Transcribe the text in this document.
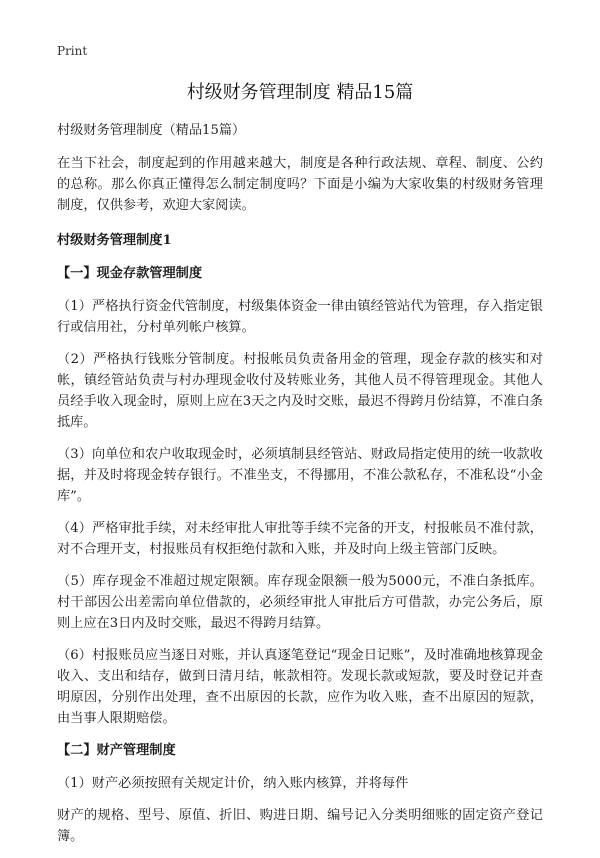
Print
村级财务管理制度 精品15篇

村级财务管理制度（精品15篇）

在当下社会，制度起到的作用越来越大，制度是各种行政法规、章程、制度、公约的总称。那么你真正懂得怎么制定制度吗？下面是小编为大家收集的村级财务管理制度，仅供参考，欢迎大家阅读。

村级财务管理制度1
【一】现金存款管理制度

（1）严格执行资金代管制度，村级集体资金一律由镇经管站代为管理，存入指定银行或信用社，分村单列帐户核算。

（2）严格执行钱账分管制度。村报帐员负责备用金的管理，现金存款的核实和对帐，镇经管站负责与村办理现金收付及转账业务，其他人员不得管理现金。其他人员经手收入现金时，原则上应在3天之内及时交账，最迟不得跨月份结算，不准白条抵库。

（3）向单位和农户收取现金时，必须填制县经管站、财政局指定使用的统一收款收据，并及时将现金转存银行。不准坐支，不得挪用，不准公款私存，不准私设“小金库”。

（4）严格审批手续，对未经审批人审批等手续不完备的开支，村报帐员不准付款，对不合理开支，村报账员有权拒绝付款和入账，并及时向上级主管部门反映。

（5）库存现金不准超过规定限额。库存现金限额一般为5000元，不准白条抵库。村干部因公出差需向单位借款的，必须经审批人审批后方可借款，办完公务后，原则上应在3日内及时交账，最迟不得跨月结算。

（6）村报账员应当逐日对账，并认真逐笔登记“现金日记账”，及时准确地核算现金收入、支出和结存，做到日清月结，帐款相符。发现长款或短款，要及时登记并查明原因，分别作出处理，查不出原因的长款，应作为收入账，查不出原因的短款，由当事人限期赔偿。

【二】财产管理制度

（1）财产必须按照有关规定计价，纳入账内核算，并将每件

财产的规格、型号、原值、折旧、购进日期、编号记入分类明细账的固定资产登记簿。
